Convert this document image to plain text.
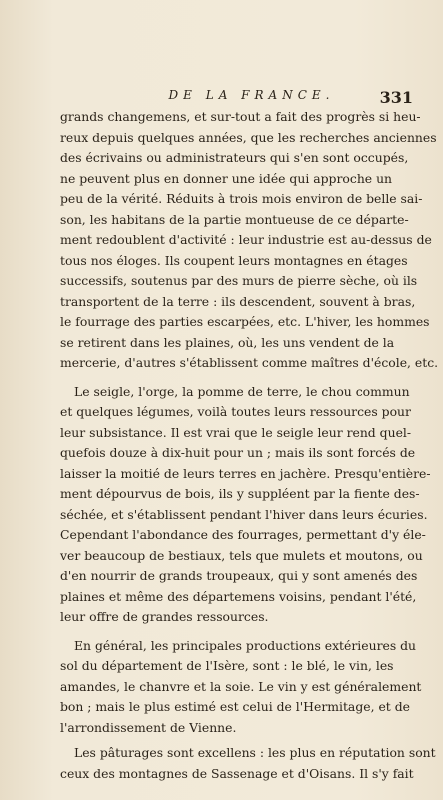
DE LA FRANCE.	331

grands changemens, et sur-tout a fait des progrès si heu-

reux depuis quelques années, que les recherches anciennes

des écrivains ou administrateurs qui s'en sont occupés,

ne peuvent plus en donner une idée qui approche un

peu de la vérité. Réduits à trois mois environ de belle sai-

son, les habitans de la partie montueuse de ce départe-

ment redoublent d'activité : leur industrie est au-dessus de

tous nos éloges. Ils coupent leurs montagnes en étages

successifs, soutenus par des murs de pierre sèche, où ils

transportent de la terre : ils descendent, souvent à bras,

le fourrage des parties escarpées, etc. L'hiver, les hommes

se retirent dans les plaines, où, les uns vendent de la

mercerie, d'autres s'établissent comme maîtres d'école, etc.

Le seigle, l'orge, la pomme de terre, le chou commun

et quelques légumes, voilà toutes leurs ressources pour

leur subsistance. Il est vrai que le seigle leur rend quel-

quefois douze à dix-huit pour un ; mais ils sont forcés de

laisser la moitié de leurs terres en jachère. Presqu'entière-

ment dépourvus de bois, ils y suppléent par la fiente des-

séchée, et s'établissent pendant l'hiver dans leurs écuries.

Cependant l'abondance des fourrages, permettant d'y éle-

ver beaucoup de bestiaux, tels que mulets et moutons, ou

d'en nourrir de grands troupeaux, qui y sont amenés des

plaines et même des départemens voisins, pendant l'été,

leur offre de grandes ressources.

En général, les principales productions extérieures du

sol du département de l'Isère, sont : le blé, le vin, les

amandes, le chanvre et la soie. Le vin y est généralement

bon ; mais le plus estimé est celui de l'Hermitage, et de

l'arrondissement de Vienne.

Les pâturages sont excellens : les plus en réputation sont

ceux des montagnes de Sassenage et d'Oisans. Il s'y fait
